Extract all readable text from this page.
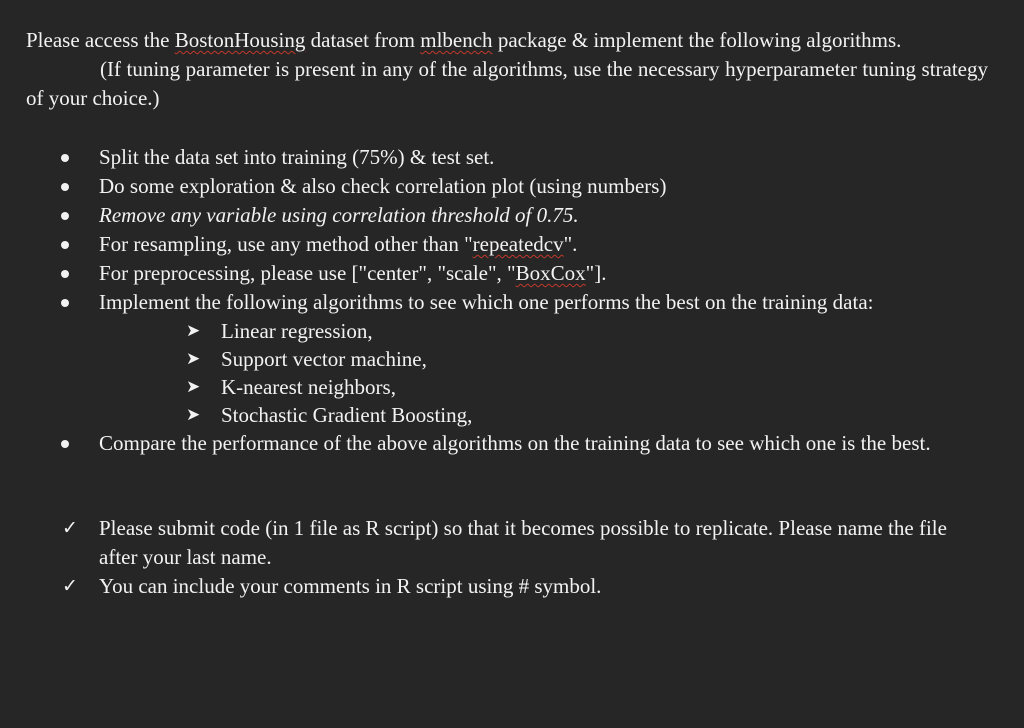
Please access the BostonHousing dataset from mlbench package & implement the following algorithms.
(If tuning parameter is present in any of the algorithms, use the necessary hyperparameter tuning strategy of your choice.)
Split the data set into training (75%) & test set.
Do some exploration & also check correlation plot (using numbers)
Remove any variable using correlation threshold of 0.75.
For resampling, use any method other than "repeatedcv".
For preprocessing, please use ["center", "scale", "BoxCox"].
Implement the following algorithms to see which one performs the best on the training data:
➤ Linear regression,
➤ Support vector machine,
➤ K-nearest neighbors,
➤ Stochastic Gradient Boosting,
Compare the performance of the above algorithms on the training data to see which one is the best.
✓ Please submit code (in 1 file as R script) so that it becomes possible to replicate. Please name the file after your last name.
✓ You can include your comments in R script using # symbol.
